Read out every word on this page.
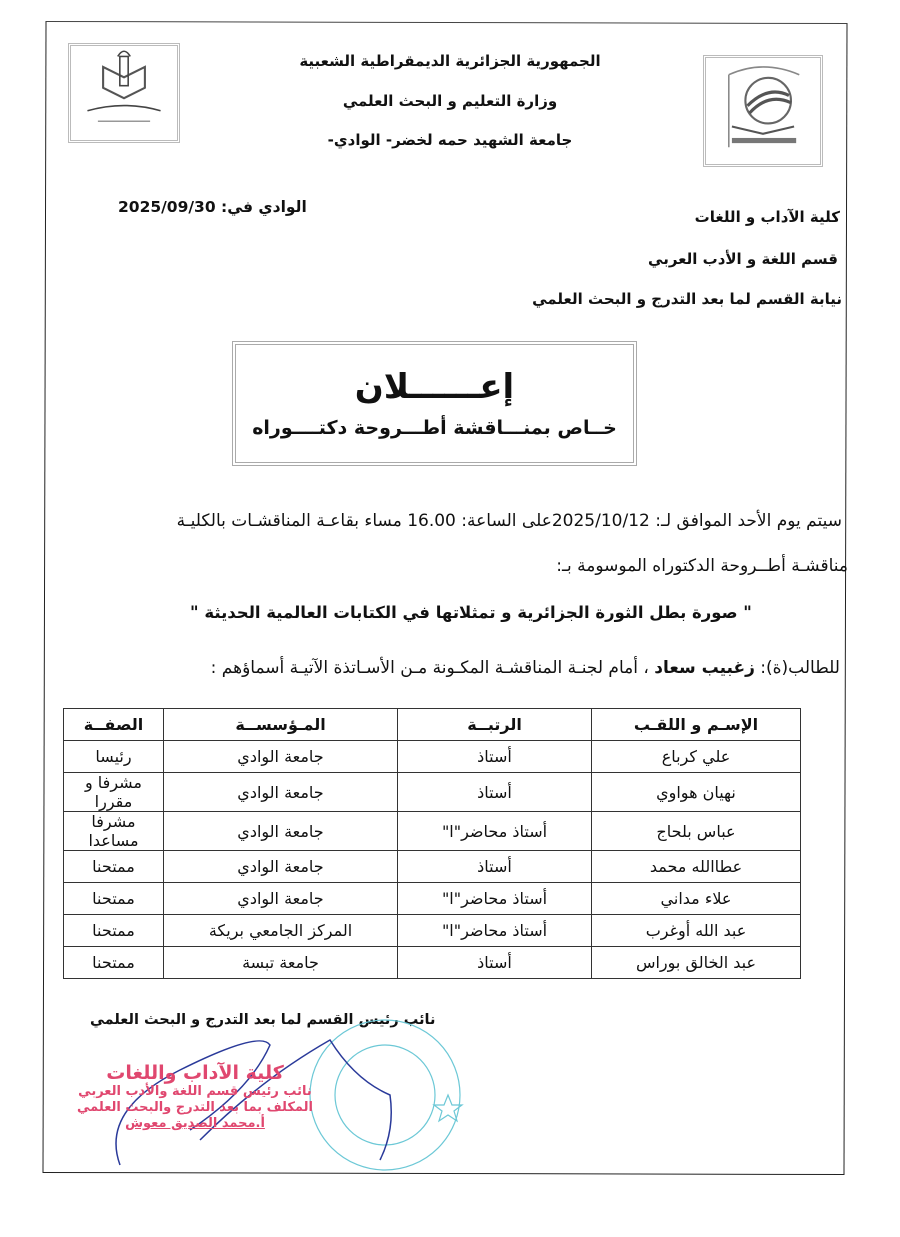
الجمهورية الجزائرية الديمقراطية الشعبية
وزارة التعليم و البحث العلمي
جامعة الشهيد حمه لخضر- الوادي-
الوادي في: 2025/09/30
كلية الآداب و اللغات
قسم اللغة و الأدب العربي
نيابة القسم لما بعد التدرج و البحث العلمي
إعــــــلان
خــاص بمنـــاقشة أطـــروحة دكتــــوراه
سيتم يوم الأحد الموافق لـ: 2025/10/12على الساعة: 16.00 مساء بقاعـة المناقشـات بالكليـة
مناقشـة أطــروحة الدكتوراه الموسومة بـ:
" صورة بطل الثورة الجزائرية و تمثلاتها في الكتابات العالمية الحديثة "
للطالب(ة): زغبيب سعاد ، أمام لجنـة المناقشـة المكـونة مـن الأسـاتذة الآتيـة أسماؤهم :
الإسـم و اللقـب	الرتبــة	المـؤسســة	الصفــة
علي كرباع	أستاذ	جامعة الوادي	رئيسا
نهيان هواوي	أستاذ	جامعة الوادي	مشرفا و مقررا
عباس بلحاج	أستاذ محاضر"ا"	جامعة الوادي	مشرفا مساعدا
عطاالله محمد	أستاذ	جامعة الوادي	ممتحنا
علاء مداني	أستاذ محاضر"ا"	جامعة الوادي	ممتحنا
عبد الله أوغرب	أستاذ محاضر"ا"	المركز الجامعي بريكة	ممتحنا
عبد الخالق بوراس	أستاذ	جامعة تبسة	ممتحنا
نائب رئيس القسم لما بعد التدرج و البحث العلمي
كلية الآداب واللغات
نائب رئيس قسم اللغة والأدب العربي
المكلف بما بعد التدرج والبحث العلمي
أ.محمد الصديق معوش
